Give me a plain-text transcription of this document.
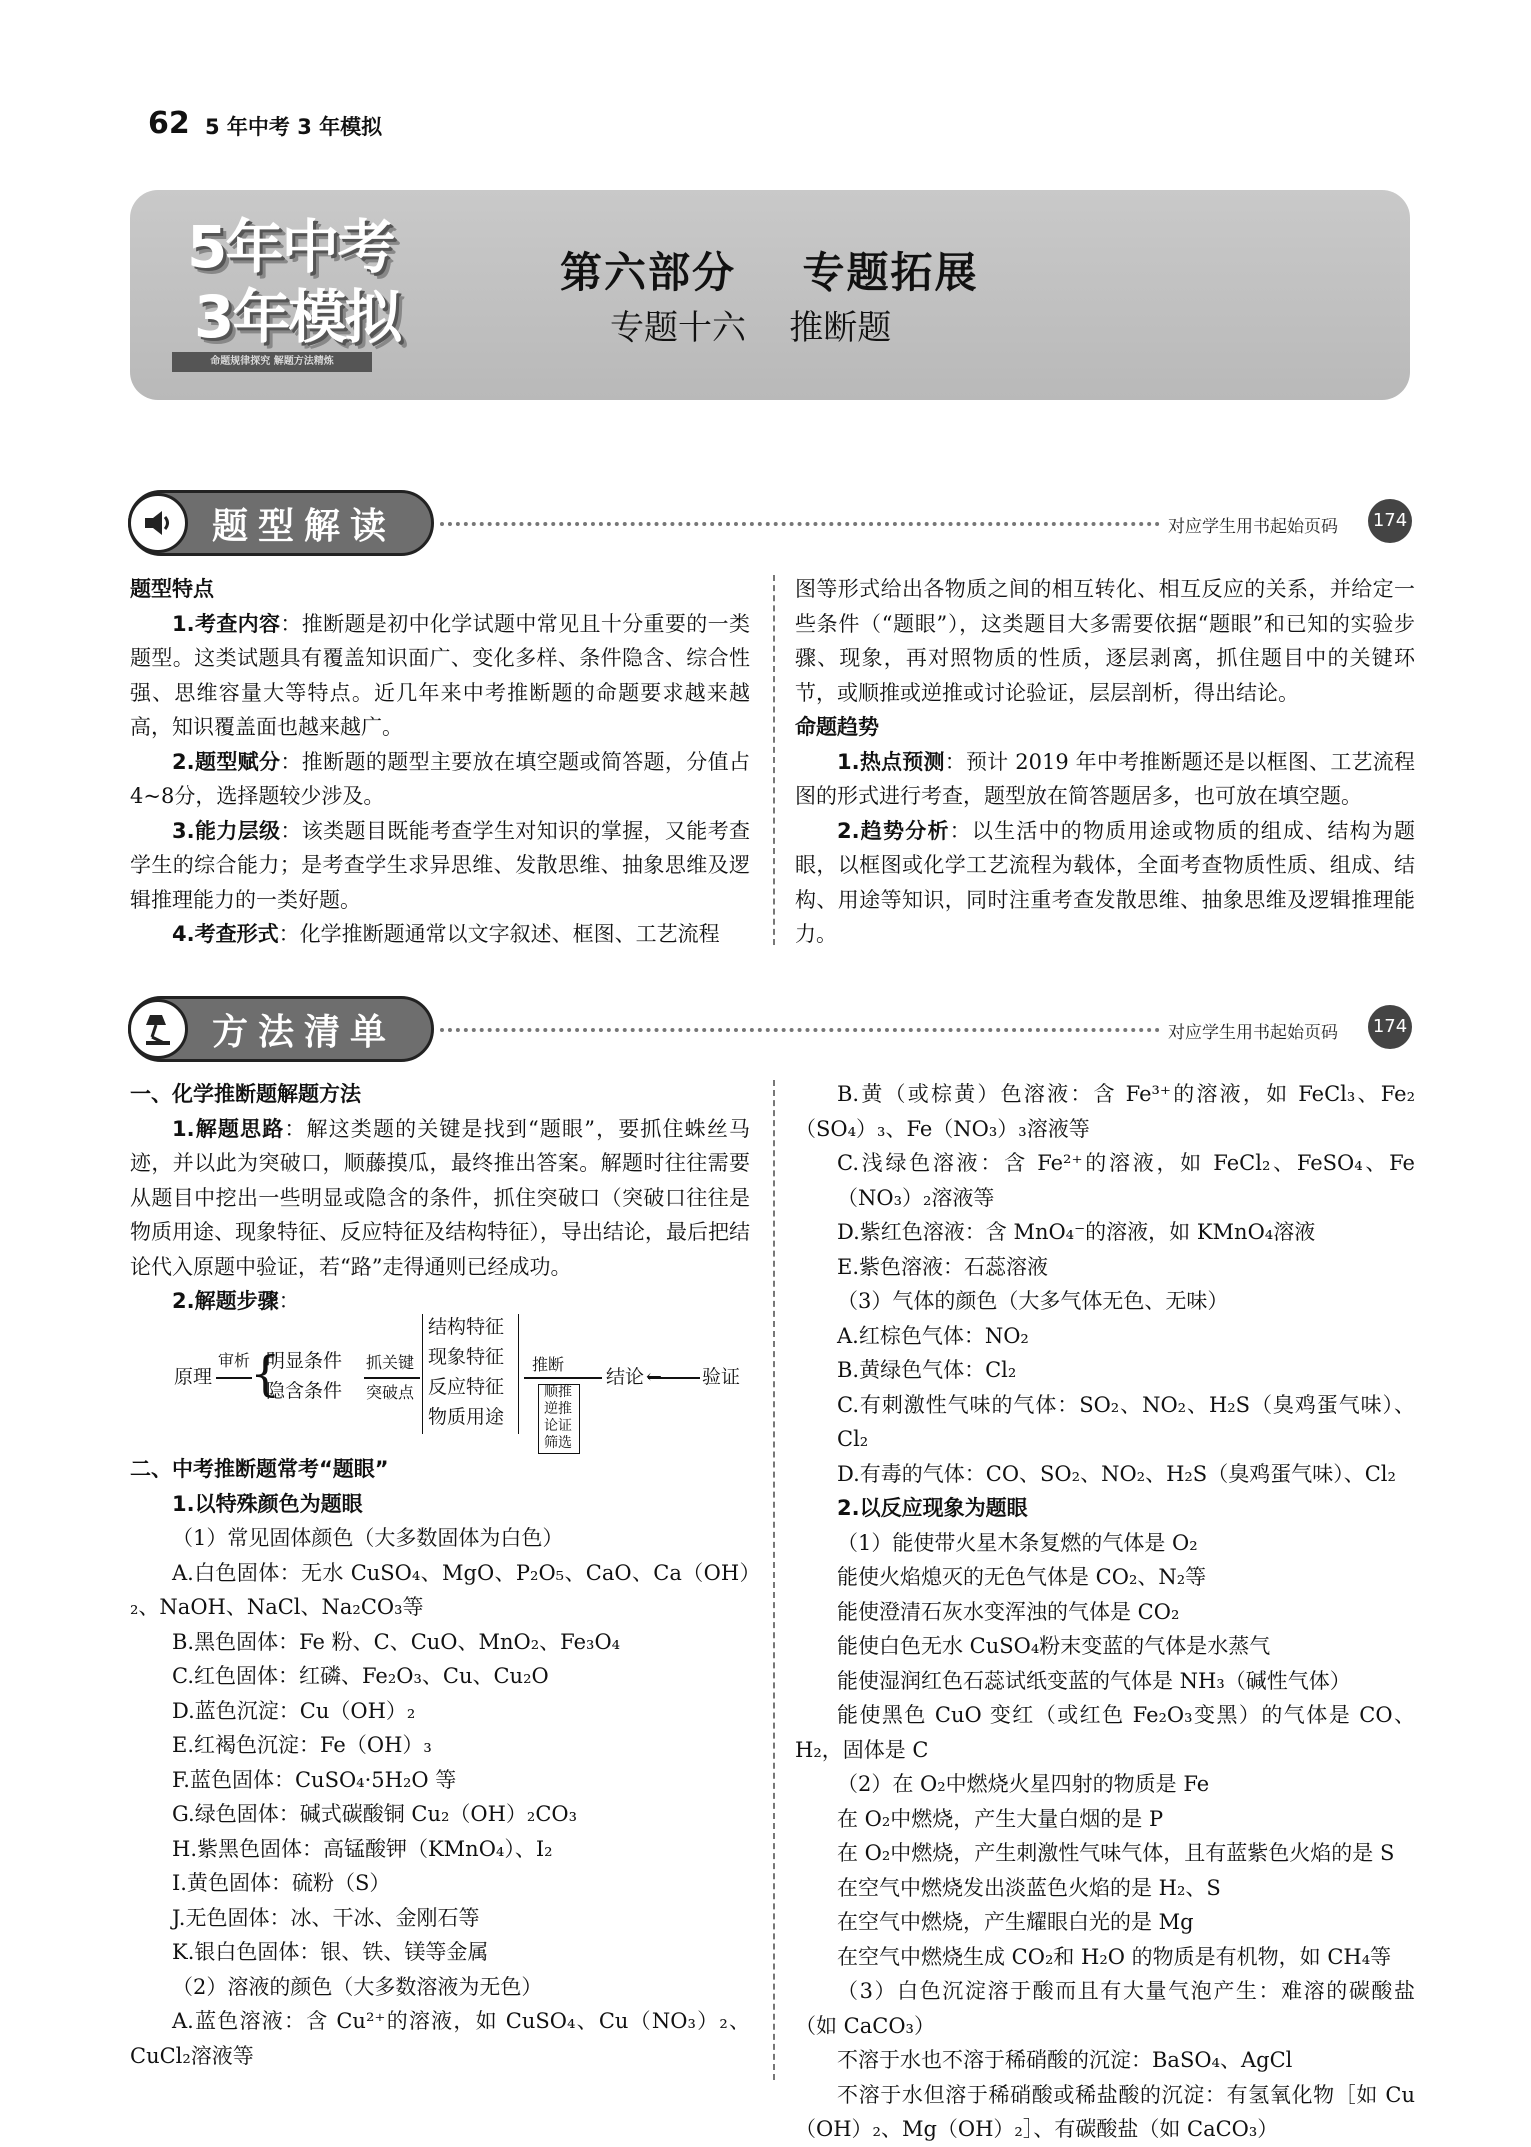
62 5 年中考 3 年模拟
5年中考
3年模拟
命题规律探究 解题方法精炼
第六部分    专题拓展
专题十六    推断题
题型解读	对应学生用书起始页码 174

题型特点

1.考查内容：推断题是初中化学试题中常见且十分重要的一类题型。这类试题具有覆盖知识面广、变化多样、条件隐含、综合性强、思维容量大等特点。近几年来中考推断题的命题要求越来越高，知识覆盖面也越来越广。

2.题型赋分：推断题的题型主要放在填空题或简答题，分值占4~8分，选择题较少涉及。

3.能力层级：该类题目既能考查学生对知识的掌握，又能考查学生的综合能力；是考查学生求异思维、发散思维、抽象思维及逻辑推理能力的一类好题。

4.考查形式：化学推断题通常以文字叙述、框图、工艺流程

图等形式给出各物质之间的相互转化、相互反应的关系，并给定一些条件（“题眼”），这类题目大多需要依据“题眼”和已知的实验步骤、现象，再对照物质的性质，逐层剥离，抓住题目中的关键环节，或顺推或逆推或讨论验证，层层剖析，得出结论。

命题趋势

1.热点预测：预计 2019 年中考推断题还是以框图、工艺流程图的形式进行考查，题型放在简答题居多，也可放在填空题。

2.趋势分析：以生活中的物质用途或物质的组成、结构为题眼，以框图或化学工艺流程为载体，全面考查物质性质、组成、结构、用途等知识，同时注重考查发散思维、抽象思维及逻辑推理能力。

方法清单	对应学生用书起始页码 174

一、化学推断题解题方法

1.解题思路：解这类题的关键是找到“题眼”，要抓住蛛丝马迹，并以此为突破口，顺藤摸瓜，最终推出答案。解题时往往需要从题目中挖出一些明显或隐含的条件，抓住突破口（突破口往往是物质用途、现象特征、反应特征及结构特征），导出结论，最后把结论代入原题中验证，若“路”走得通则已经成功。

2.解题步骤：

原理
审析 {
明显条件
隐含条件
抓关键
突破点
结构特征
现象特征
反应特征
物质用途
推断
顺推
逆推
论证
筛选
结论 ← 验证

二、中考推断题常考“题眼”

1.以特殊颜色为题眼

（1）常见固体颜色（大多数固体为白色）

A.白色固体：无水 CuSO₄、MgO、P₂O₅、CaO、Ca（OH）₂、NaOH、NaCl、Na₂CO₃等

B.黑色固体：Fe 粉、C、CuO、MnO₂、Fe₃O₄

C.红色固体：红磷、Fe₂O₃、Cu、Cu₂O

D.蓝色沉淀：Cu（OH）₂

E.红褐色沉淀：Fe（OH）₃

F.蓝色固体：CuSO₄·5H₂O 等

G.绿色固体：碱式碳酸铜 Cu₂（OH）₂CO₃

H.紫黑色固体：高锰酸钾（KMnO₄）、I₂

I.黄色固体：硫粉（S）

J.无色固体：冰、干冰、金刚石等

K.银白色固体：银、铁、镁等金属

（2）溶液的颜色（大多数溶液为无色）

A.蓝色溶液：含 Cu²⁺的溶液，如 CuSO₄、Cu（NO₃）₂、CuCl₂溶液等

B.黄（或棕黄）色溶液：含 Fe³⁺的溶液，如 FeCl₃、Fe₂（SO₄）₃、Fe（NO₃）₃溶液等

C.浅绿色溶液：含 Fe²⁺的溶液，如 FeCl₂、FeSO₄、Fe（NO₃）₂溶液等

D.紫红色溶液：含 MnO₄⁻的溶液，如 KMnO₄溶液

E.紫色溶液：石蕊溶液

（3）气体的颜色（大多气体无色、无味）

A.红棕色气体：NO₂

B.黄绿色气体：Cl₂

C.有刺激性气味的气体：SO₂、NO₂、H₂S（臭鸡蛋气味）、Cl₂

D.有毒的气体：CO、SO₂、NO₂、H₂S（臭鸡蛋气味）、Cl₂

2.以反应现象为题眼

（1）能使带火星木条复燃的气体是 O₂

能使火焰熄灭的无色气体是 CO₂、N₂等

能使澄清石灰水变浑浊的气体是 CO₂

能使白色无水 CuSO₄粉末变蓝的气体是水蒸气

能使湿润红色石蕊试纸变蓝的气体是 NH₃（碱性气体）

能使黑色 CuO 变红（或红色 Fe₂O₃变黑）的气体是 CO、H₂，固体是 C

（2）在 O₂中燃烧火星四射的物质是 Fe

在 O₂中燃烧，产生大量白烟的是 P

在 O₂中燃烧，产生刺激性气味气体，且有蓝紫色火焰的是 S

在空气中燃烧发出淡蓝色火焰的是 H₂、S

在空气中燃烧，产生耀眼白光的是 Mg

在空气中燃烧生成 CO₂和 H₂O 的物质是有机物，如 CH₄等

（3）白色沉淀溶于酸而且有大量气泡产生：难溶的碳酸盐（如 CaCO₃）

不溶于水也不溶于稀硝酸的沉淀：BaSO₄、AgCl

不溶于水但溶于稀硝酸或稀盐酸的沉淀：有氢氧化物［如 Cu（OH）₂、Mg（OH）₂］、有碳酸盐（如 CaCO₃）
